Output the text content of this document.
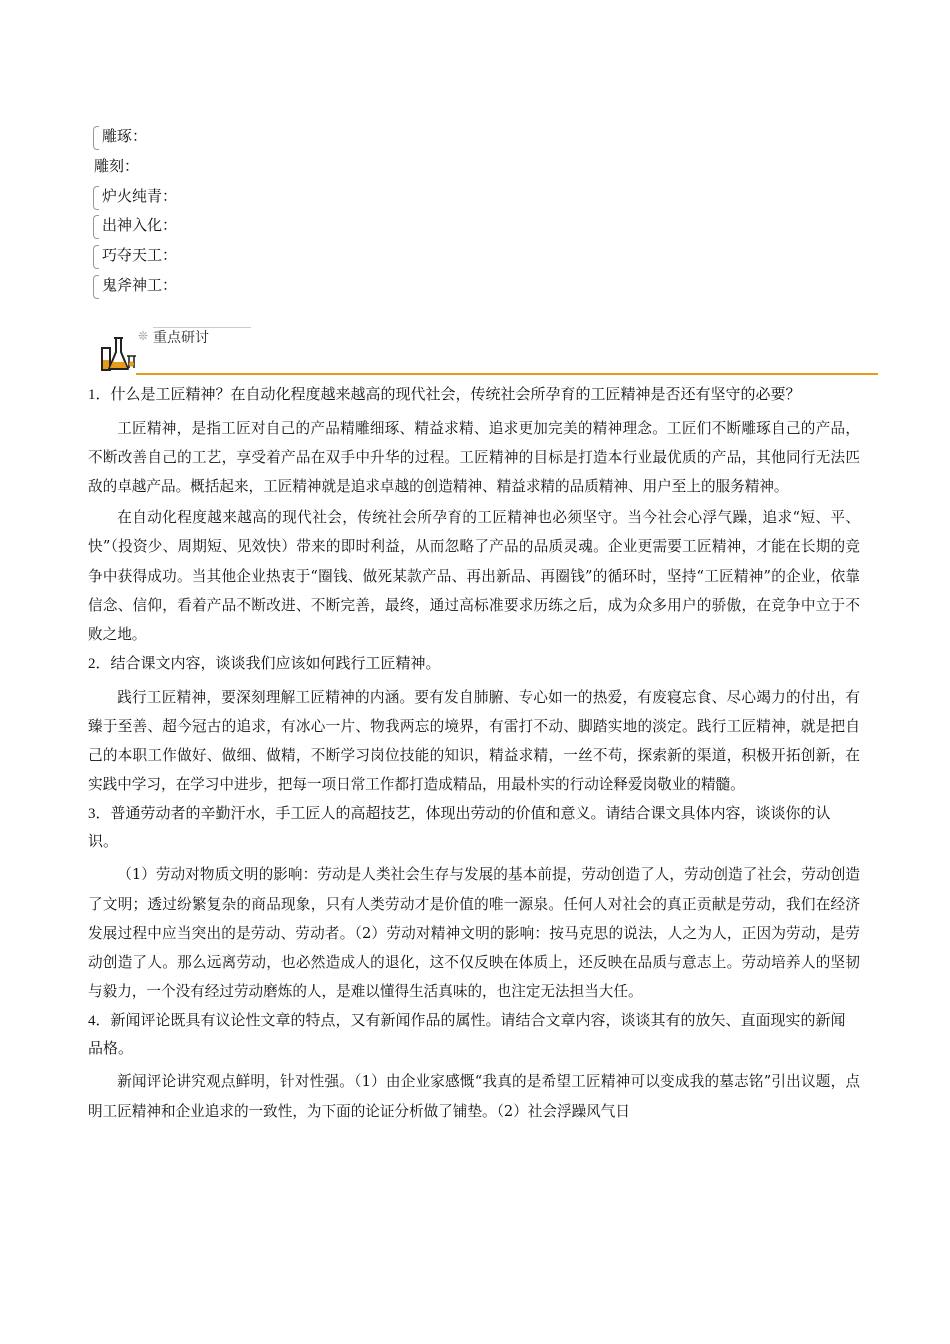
雕琢：
雕刻：
炉火纯青：
出神入化：
巧夺天工：
鬼斧神工：
❊ 重点研讨

1．什么是工匠精神？在自动化程度越来越高的现代社会，传统社会所孕育的工匠精神是否还有坚守的必要？

工匠精神，是指工匠对自己的产品精雕细琢、精益求精、追求更加完美的精神理念。工匠们不断雕琢自己的产品，不断改善自己的工艺，享受着产品在双手中升华的过程。工匠精神的目标是打造本行业最优质的产品，其他同行无法匹敌的卓越产品。概括起来，工匠精神就是追求卓越的创造精神、精益求精的品质精神、用户至上的服务精神。

在自动化程度越来越高的现代社会，传统社会所孕育的工匠精神也必须坚守。当今社会心浮气躁，追求“短、平、快”（投资少、周期短、见效快）带来的即时利益，从而忽略了产品的品质灵魂。企业更需要工匠精神，才能在长期的竞争中获得成功。当其他企业热衷于“圈钱、做死某款产品、再出新品、再圈钱”的循环时，坚持“工匠精神”的企业，依靠信念、信仰，看着产品不断改进、不断完善，最终，通过高标准要求历练之后，成为众多用户的骄傲，在竞争中立于不败之地。

2．结合课文内容，谈谈我们应该如何践行工匠精神。

践行工匠精神，要深刻理解工匠精神的内涵。要有发自肺腑、专心如一的热爱，有废寝忘食、尽心竭力的付出，有臻于至善、超今冠古的追求，有冰心一片、物我两忘的境界，有雷打不动、脚踏实地的淡定。践行工匠精神，就是把自己的本职工作做好、做细、做精，不断学习岗位技能的知识，精益求精，一丝不苟，探索新的渠道，积极开拓创新，在实践中学习，在学习中进步，把每一项日常工作都打造成精品，用最朴实的行动诠释爱岗敬业的精髓。

3．普通劳动者的辛勤汗水，手工匠人的高超技艺，体现出劳动的价值和意义。请结合课文具体内容，谈谈你的认识。

（1）劳动对物质文明的影响：劳动是人类社会生存与发展的基本前提，劳动创造了人，劳动创造了社会，劳动创造了文明；透过纷繁复杂的商品现象，只有人类劳动才是价值的唯一源泉。任何人对社会的真正贡献是劳动，我们在经济发展过程中应当突出的是劳动、劳动者。（2）劳动对精神文明的影响：按马克思的说法，人之为人，正因为劳动，是劳动创造了人。那么远离劳动，也必然造成人的退化，这不仅反映在体质上，还反映在品质与意志上。劳动培养人的坚韧与毅力，一个没有经过劳动磨炼的人，是难以懂得生活真味的，也注定无法担当大任。

4．新闻评论既具有议论性文章的特点，又有新闻作品的属性。请结合文章内容，谈谈其有的放矢、直面现实的新闻品格。

新闻评论讲究观点鲜明，针对性强。（1）由企业家感慨“我真的是希望工匠精神可以变成我的墓志铭”引出议题，点明工匠精神和企业追求的一致性，为下面的论证分析做了铺垫。（2）社会浮躁风气日
